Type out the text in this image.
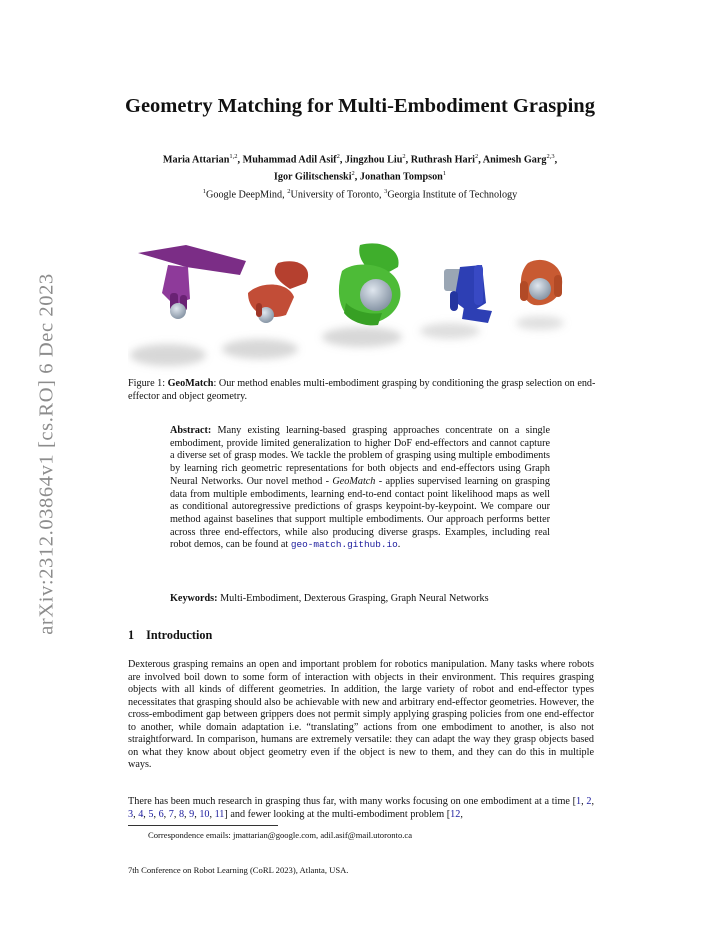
arXiv:2312.03864v1 [cs.RO] 6 Dec 2023
Geometry Matching for Multi-Embodiment Grasping
Maria Attarian$^{1,2}$, Muhammad Adil Asif$^2$, Jingzhou Liu$^2$, Ruthrash Hari$^2$, Animesh Garg$^{2,3}$,
Igor Gilitschenski$^2$, Jonathan Tompson$^1$
$^1$Google DeepMind, $^2$University of Toronto, $^3$Georgia Institute of Technology

Figure 1: GeoMatch: Our method enables multi-embodiment grasping by conditioning the grasp selection on end-effector and object geometry.

Abstract: Many existing learning-based grasping approaches concentrate on a single embodiment, provide limited generalization to higher DoF end-effectors and cannot capture a diverse set of grasp modes. We tackle the problem of grasping using multiple embodiments by learning rich geometric representations for both objects and end-effectors using Graph Neural Networks. Our novel method - GeoMatch - applies supervised learning on grasping data from multiple embodiments, learning end-to-end contact point likelihood maps as well as conditional autoregressive predictions of grasps keypoint-by-keypoint. We compare our method against baselines that support multiple embodiments. Our approach performs better across three end-effectors, while also producing diverse grasps. Examples, including real robot demos, can be found at geo-match.github.io.

Keywords: Multi-Embodiment, Dexterous Grasping, Graph Neural Networks

1 Introduction

Dexterous grasping remains an open and important problem for robotics manipulation. Many tasks where robots are involved boil down to some form of interaction with objects in their environment. This requires grasping objects with all kinds of different geometries. In addition, the large variety of robot and end-effector types necessitates that grasping should also be achievable with new and arbitrary end-effector geometries. However, the cross-embodiment gap between grippers does not permit simply applying grasping policies from one end-effector to another, while domain adaptation i.e. “translating” actions from one embodiment to another, is also not straightforward. In comparison, humans are extremely versatile: they can adapt the way they grasp objects based on what they know about object geometry even if the object is new to them, and they can do this in multiple ways.

There has been much research in grasping thus far, with many works focusing on one embodiment at a time [1, 2, 3, 4, 5, 6, 7, 8, 9, 10, 11] and fewer looking at the multi-embodiment problem [12,

Correspondence emails: jmattarian@google.com, adil.asif@mail.utoronto.ca

7th Conference on Robot Learning (CoRL 2023), Atlanta, USA.
